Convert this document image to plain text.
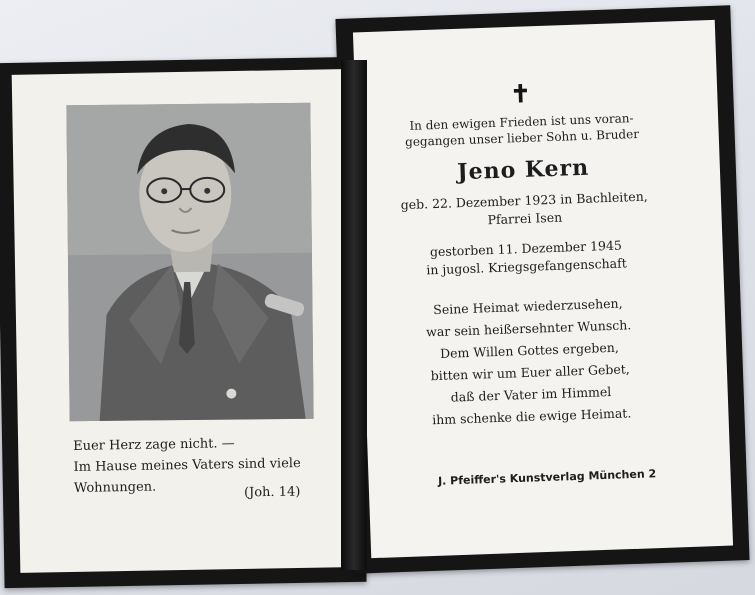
Euer Herz zage nicht. —
Im Hause meines Vaters sind viele
Wohnungen.	(Joh. 14)
✝
In den ewigen Frieden ist uns voran-
gegangen unser lieber Sohn u. Bruder
Jeno Kern
geb. 22. Dezember 1923 in Bachleiten,
Pfarrei Isen
gestorben 11. Dezember 1945
in jugosl. Kriegsgefangenschaft
Seine Heimat wiederzusehen,
war sein heißersehnter Wunsch.
Dem Willen Gottes ergeben,
bitten wir um Euer aller Gebet,
daß der Vater im Himmel
ihm schenke die ewige Heimat.
J. Pfeiffer's Kunstverlag München 2
